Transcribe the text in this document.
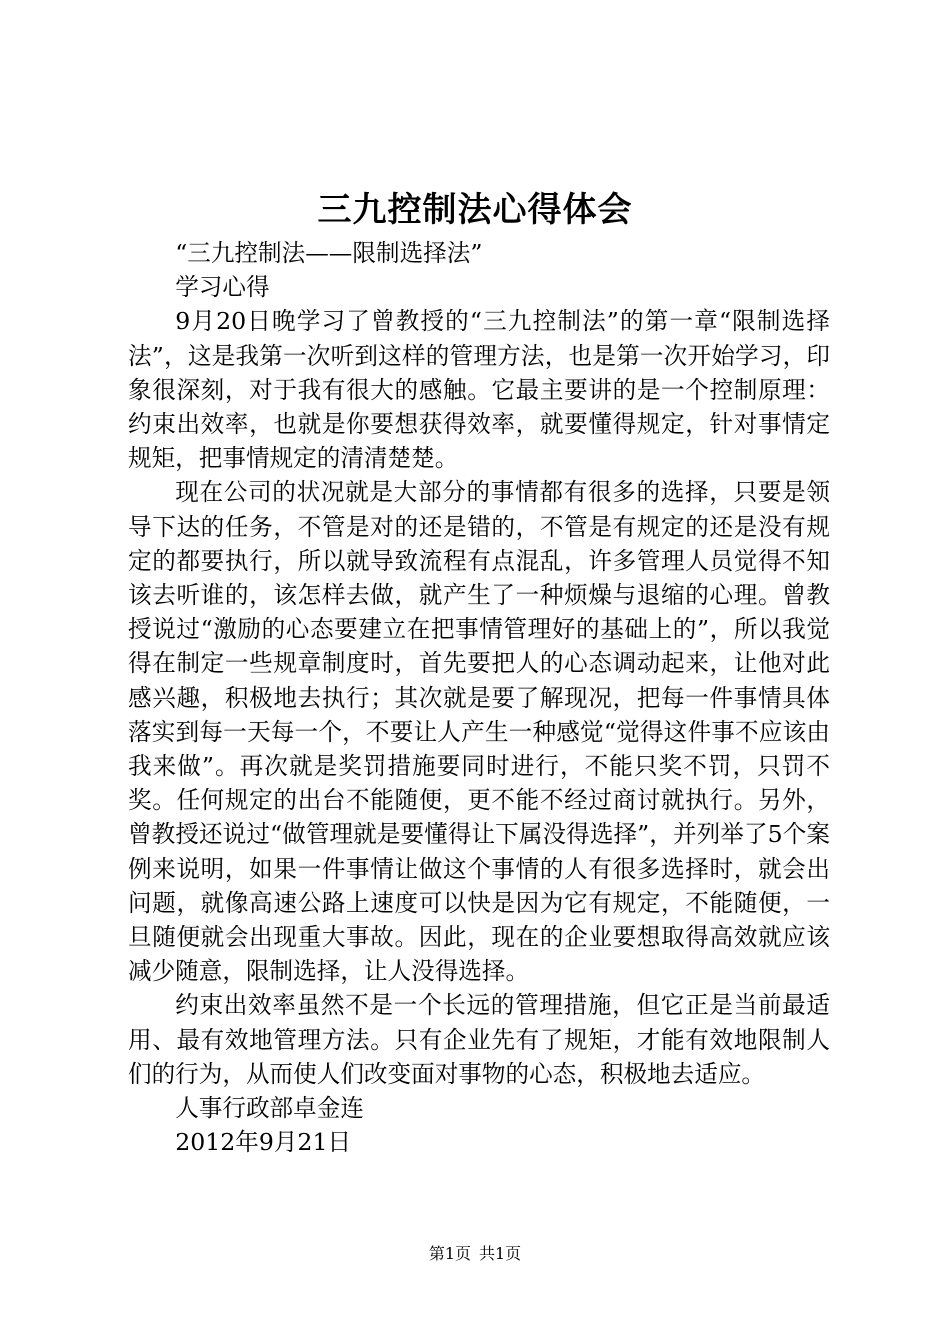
三九控制法心得体会

“三九控制法——限制选择法”

学习心得

9月20日晚学习了曾教授的“三九控制法”的第一章“限制选择法”，这是我第一次听到这样的管理方法，也是第一次开始学习，印象很深刻，对于我有很大的感触。它最主要讲的是一个控制原理：约束出效率，也就是你要想获得效率，就要懂得规定，针对事情定规矩，把事情规定的清清楚楚。

现在公司的状况就是大部分的事情都有很多的选择，只要是领导下达的任务，不管是对的还是错的，不管是有规定的还是没有规定的都要执行，所以就导致流程有点混乱，许多管理人员觉得不知该去听谁的，该怎样去做，就产生了一种烦燥与退缩的心理。曾教授说过“激励的心态要建立在把事情管理好的基础上的”，所以我觉得在制定一些规章制度时，首先要把人的心态调动起来，让他对此感兴趣，积极地去执行；其次就是要了解现况，把每一件事情具体落实到每一天每一个，不要让人产生一种感觉“觉得这件事不应该由我来做”。再次就是奖罚措施要同时进行，不能只奖不罚，只罚不奖。任何规定的出台不能随便，更不能不经过商讨就执行。另外，曾教授还说过“做管理就是要懂得让下属没得选择”，并列举了5个案例来说明，如果一件事情让做这个事情的人有很多选择时，就会出问题，就像高速公路上速度可以快是因为它有规定，不能随便，一旦随便就会出现重大事故。因此，现在的企业要想取得高效就应该减少随意，限制选择，让人没得选择。

约束出效率虽然不是一个长远的管理措施，但它正是当前最适用、最有效地管理方法。只有企业先有了规矩，才能有效地限制人们的行为，从而使人们改变面对事物的心态，积极地去适应。

人事行政部卓金连

2012年9月21日

第1页 共1页
